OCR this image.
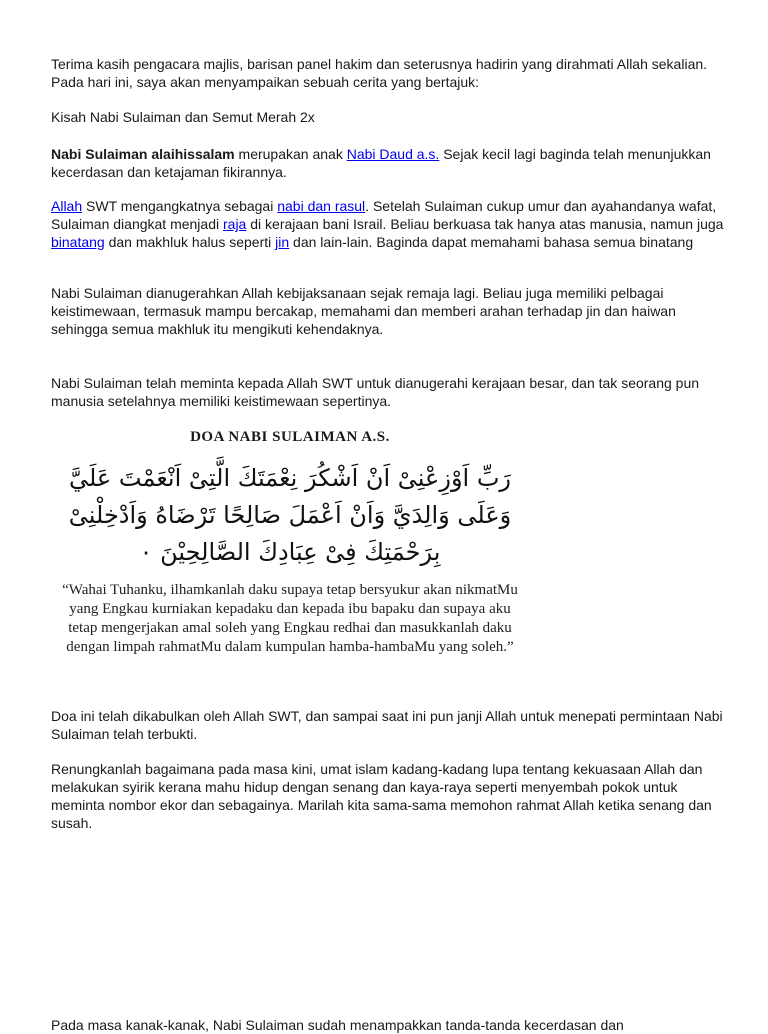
Terima kasih pengacara majlis, barisan panel hakim dan seterusnya hadirin yang dirahmati Allah sekalian. Pada hari ini, saya akan menyampaikan sebuah cerita yang bertajuk:

Kisah Nabi Sulaiman dan Semut Merah 2x

Nabi Sulaiman alaihissalam merupakan anak Nabi Daud a.s. Sejak kecil lagi baginda telah menunjukkan kecerdasan dan ketajaman fikirannya.

Allah SWT mengangkatnya sebagai nabi dan rasul. Setelah Sulaiman cukup umur dan ayahandanya wafat, Sulaiman diangkat menjadi raja di kerajaan bani Israil. Beliau berkuasa tak hanya atas manusia, namun juga binatang dan makhluk halus seperti jin dan lain-lain. Baginda dapat memahami bahasa semua binatang

Nabi Sulaiman dianugerahkan Allah kebijaksanaan sejak remaja lagi. Beliau juga memiliki pelbagai keistimewaan, termasuk mampu bercakap, memahami dan memberi arahan terhadap jin dan haiwan sehingga semua makhluk itu mengikuti kehendaknya.

Nabi Sulaiman telah meminta kepada Allah SWT untuk dianugerahi kerajaan besar, dan tak seorang pun manusia setelahnya memiliki keistimewaan sepertinya.

DOA NABI SULAIMAN A.S.
رَبِّ اَوْزِعْنِىْ اَنْ اَشْكُرَ نِعْمَتَكَ الَّتِىْ اَنْعَمْتَ عَلَيَّ وَعَلَى وَالِدَيَّ وَاَنْ اَعْمَلَ صَالِحًا تَرْضَاهُ وَاَدْخِلْنِىْ بِرَحْمَتِكَ فِىْ عِبَادِكَ الصَّالِحِيْنَ ٠
“Wahai Tuhanku, ilhamkanlah daku supaya tetap bersyukur akan nikmatMu yang Engkau kurniakan kepadaku dan kepada ibu bapaku dan supaya aku tetap mengerjakan amal soleh yang Engkau redhai dan masukkanlah daku dengan limpah rahmatMu dalam kumpulan hamba-hambaMu yang soleh.”

Doa ini telah dikabulkan oleh Allah SWT, dan sampai saat ini pun janji Allah untuk menepati permintaan Nabi Sulaiman telah terbukti.

Renungkanlah bagaimana pada masa kini, umat islam kadang-kadang lupa tentang kekuasaan Allah dan melakukan syirik kerana mahu hidup dengan senang dan kaya-raya seperti menyembah pokok untuk meminta nombor ekor dan sebagainya. Marilah kita sama-sama memohon rahmat Allah ketika senang dan susah.

Pada masa kanak-kanak, Nabi Sulaiman sudah menampakkan tanda-tanda kecerdasan dan
